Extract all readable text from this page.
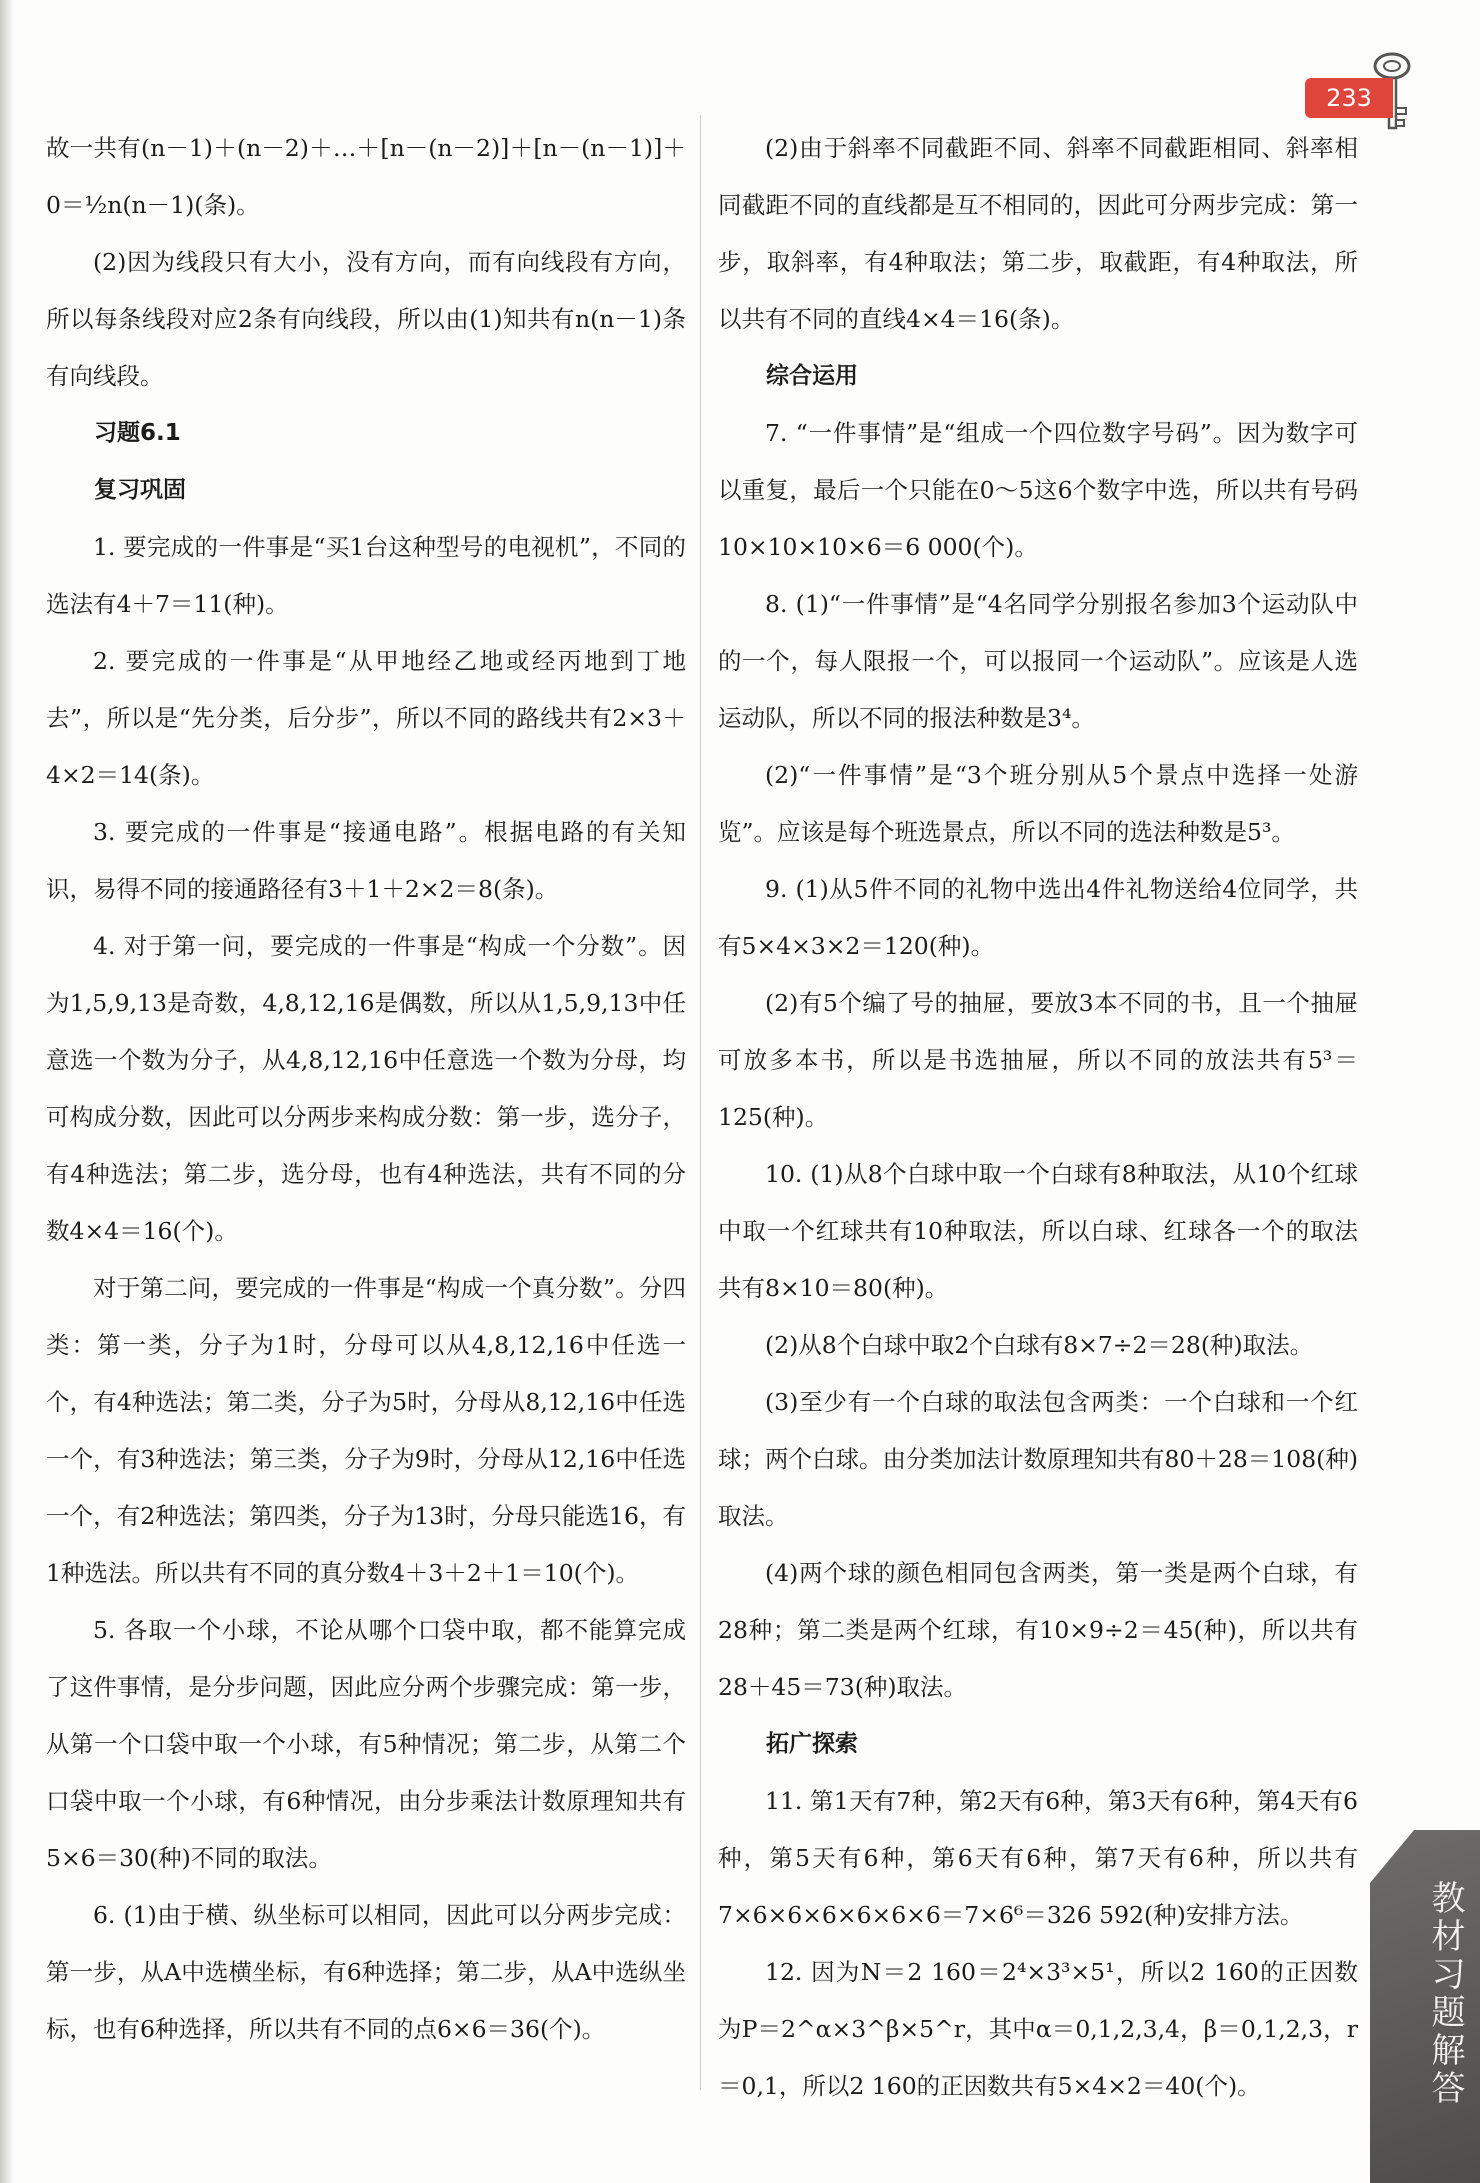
233

故一共有(n－1)＋(n－2)＋…＋[n－(n－2)]＋[n－(n－1)]＋0＝½n(n－1)(条)。

(2)因为线段只有大小，没有方向，而有向线段有方向，所以每条线段对应2条有向线段，所以由(1)知共有n(n－1)条有向线段。

习题6.1
复习巩固

1. 要完成的一件事是“买1台这种型号的电视机”，不同的选法有4＋7＝11(种)。

2. 要完成的一件事是“从甲地经乙地或经丙地到丁地去”，所以是“先分类，后分步”，所以不同的路线共有2×3＋4×2＝14(条)。

3. 要完成的一件事是“接通电路”。根据电路的有关知识，易得不同的接通路径有3＋1＋2×2＝8(条)。

4. 对于第一问，要完成的一件事是“构成一个分数”。因为1,5,9,13是奇数，4,8,12,16是偶数，所以从1,5,9,13中任意选一个数为分子，从4,8,12,16中任意选一个数为分母，均可构成分数，因此可以分两步来构成分数：第一步，选分子，有4种选法；第二步，选分母，也有4种选法，共有不同的分数4×4＝16(个)。

对于第二问，要完成的一件事是“构成一个真分数”。分四类：第一类，分子为1时，分母可以从4,8,12,16中任选一个，有4种选法；第二类，分子为5时，分母从8,12,16中任选一个，有3种选法；第三类，分子为9时，分母从12,16中任选一个，有2种选法；第四类，分子为13时，分母只能选16，有1种选法。所以共有不同的真分数4＋3＋2＋1＝10(个)。

5. 各取一个小球，不论从哪个口袋中取，都不能算完成了这件事情，是分步问题，因此应分两个步骤完成：第一步，从第一个口袋中取一个小球，有5种情况；第二步，从第二个口袋中取一个小球，有6种情况，由分步乘法计数原理知共有5×6＝30(种)不同的取法。

6. (1)由于横、纵坐标可以相同，因此可以分两步完成：第一步，从A中选横坐标，有6种选择；第二步，从A中选纵坐标，也有6种选择，所以共有不同的点6×6＝36(个)。

(2)由于斜率不同截距不同、斜率不同截距相同、斜率相同截距不同的直线都是互不相同的，因此可分两步完成：第一步，取斜率，有4种取法；第二步，取截距，有4种取法，所以共有不同的直线4×4＝16(条)。

综合运用

7. “一件事情”是“组成一个四位数字号码”。因为数字可以重复，最后一个只能在0～5这6个数字中选，所以共有号码10×10×10×6＝6 000(个)。

8. (1)“一件事情”是“4名同学分别报名参加3个运动队中的一个，每人限报一个，可以报同一个运动队”。应该是人选运动队，所以不同的报法种数是3⁴。

(2)“一件事情”是“3个班分别从5个景点中选择一处游览”。应该是每个班选景点，所以不同的选法种数是5³。

9. (1)从5件不同的礼物中选出4件礼物送给4位同学，共有5×4×3×2＝120(种)。

(2)有5个编了号的抽屉，要放3本不同的书，且一个抽屉可放多本书，所以是书选抽屉，所以不同的放法共有5³＝125(种)。

10. (1)从8个白球中取一个白球有8种取法，从10个红球中取一个红球共有10种取法，所以白球、红球各一个的取法共有8×10＝80(种)。

(2)从8个白球中取2个白球有8×7÷2＝28(种)取法。

(3)至少有一个白球的取法包含两类：一个白球和一个红球；两个白球。由分类加法计数原理知共有80＋28＝108(种)取法。

(4)两个球的颜色相同包含两类，第一类是两个白球，有28种；第二类是两个红球，有10×9÷2＝45(种)，所以共有28＋45＝73(种)取法。

拓广探索

11. 第1天有7种，第2天有6种，第3天有6种，第4天有6种，第5天有6种，第6天有6种，第7天有6种，所以共有7×6×6×6×6×6×6＝7×6⁶＝326 592(种)安排方法。

12. 因为N＝2 160＝2⁴×3³×5¹，所以2 160的正因数为P＝2^α×3^β×5^r，其中α＝0,1,2,3,4，β＝0,1,2,3，r＝0,1，所以2 160的正因数共有5×4×2＝40(个)。	教材习题解答
